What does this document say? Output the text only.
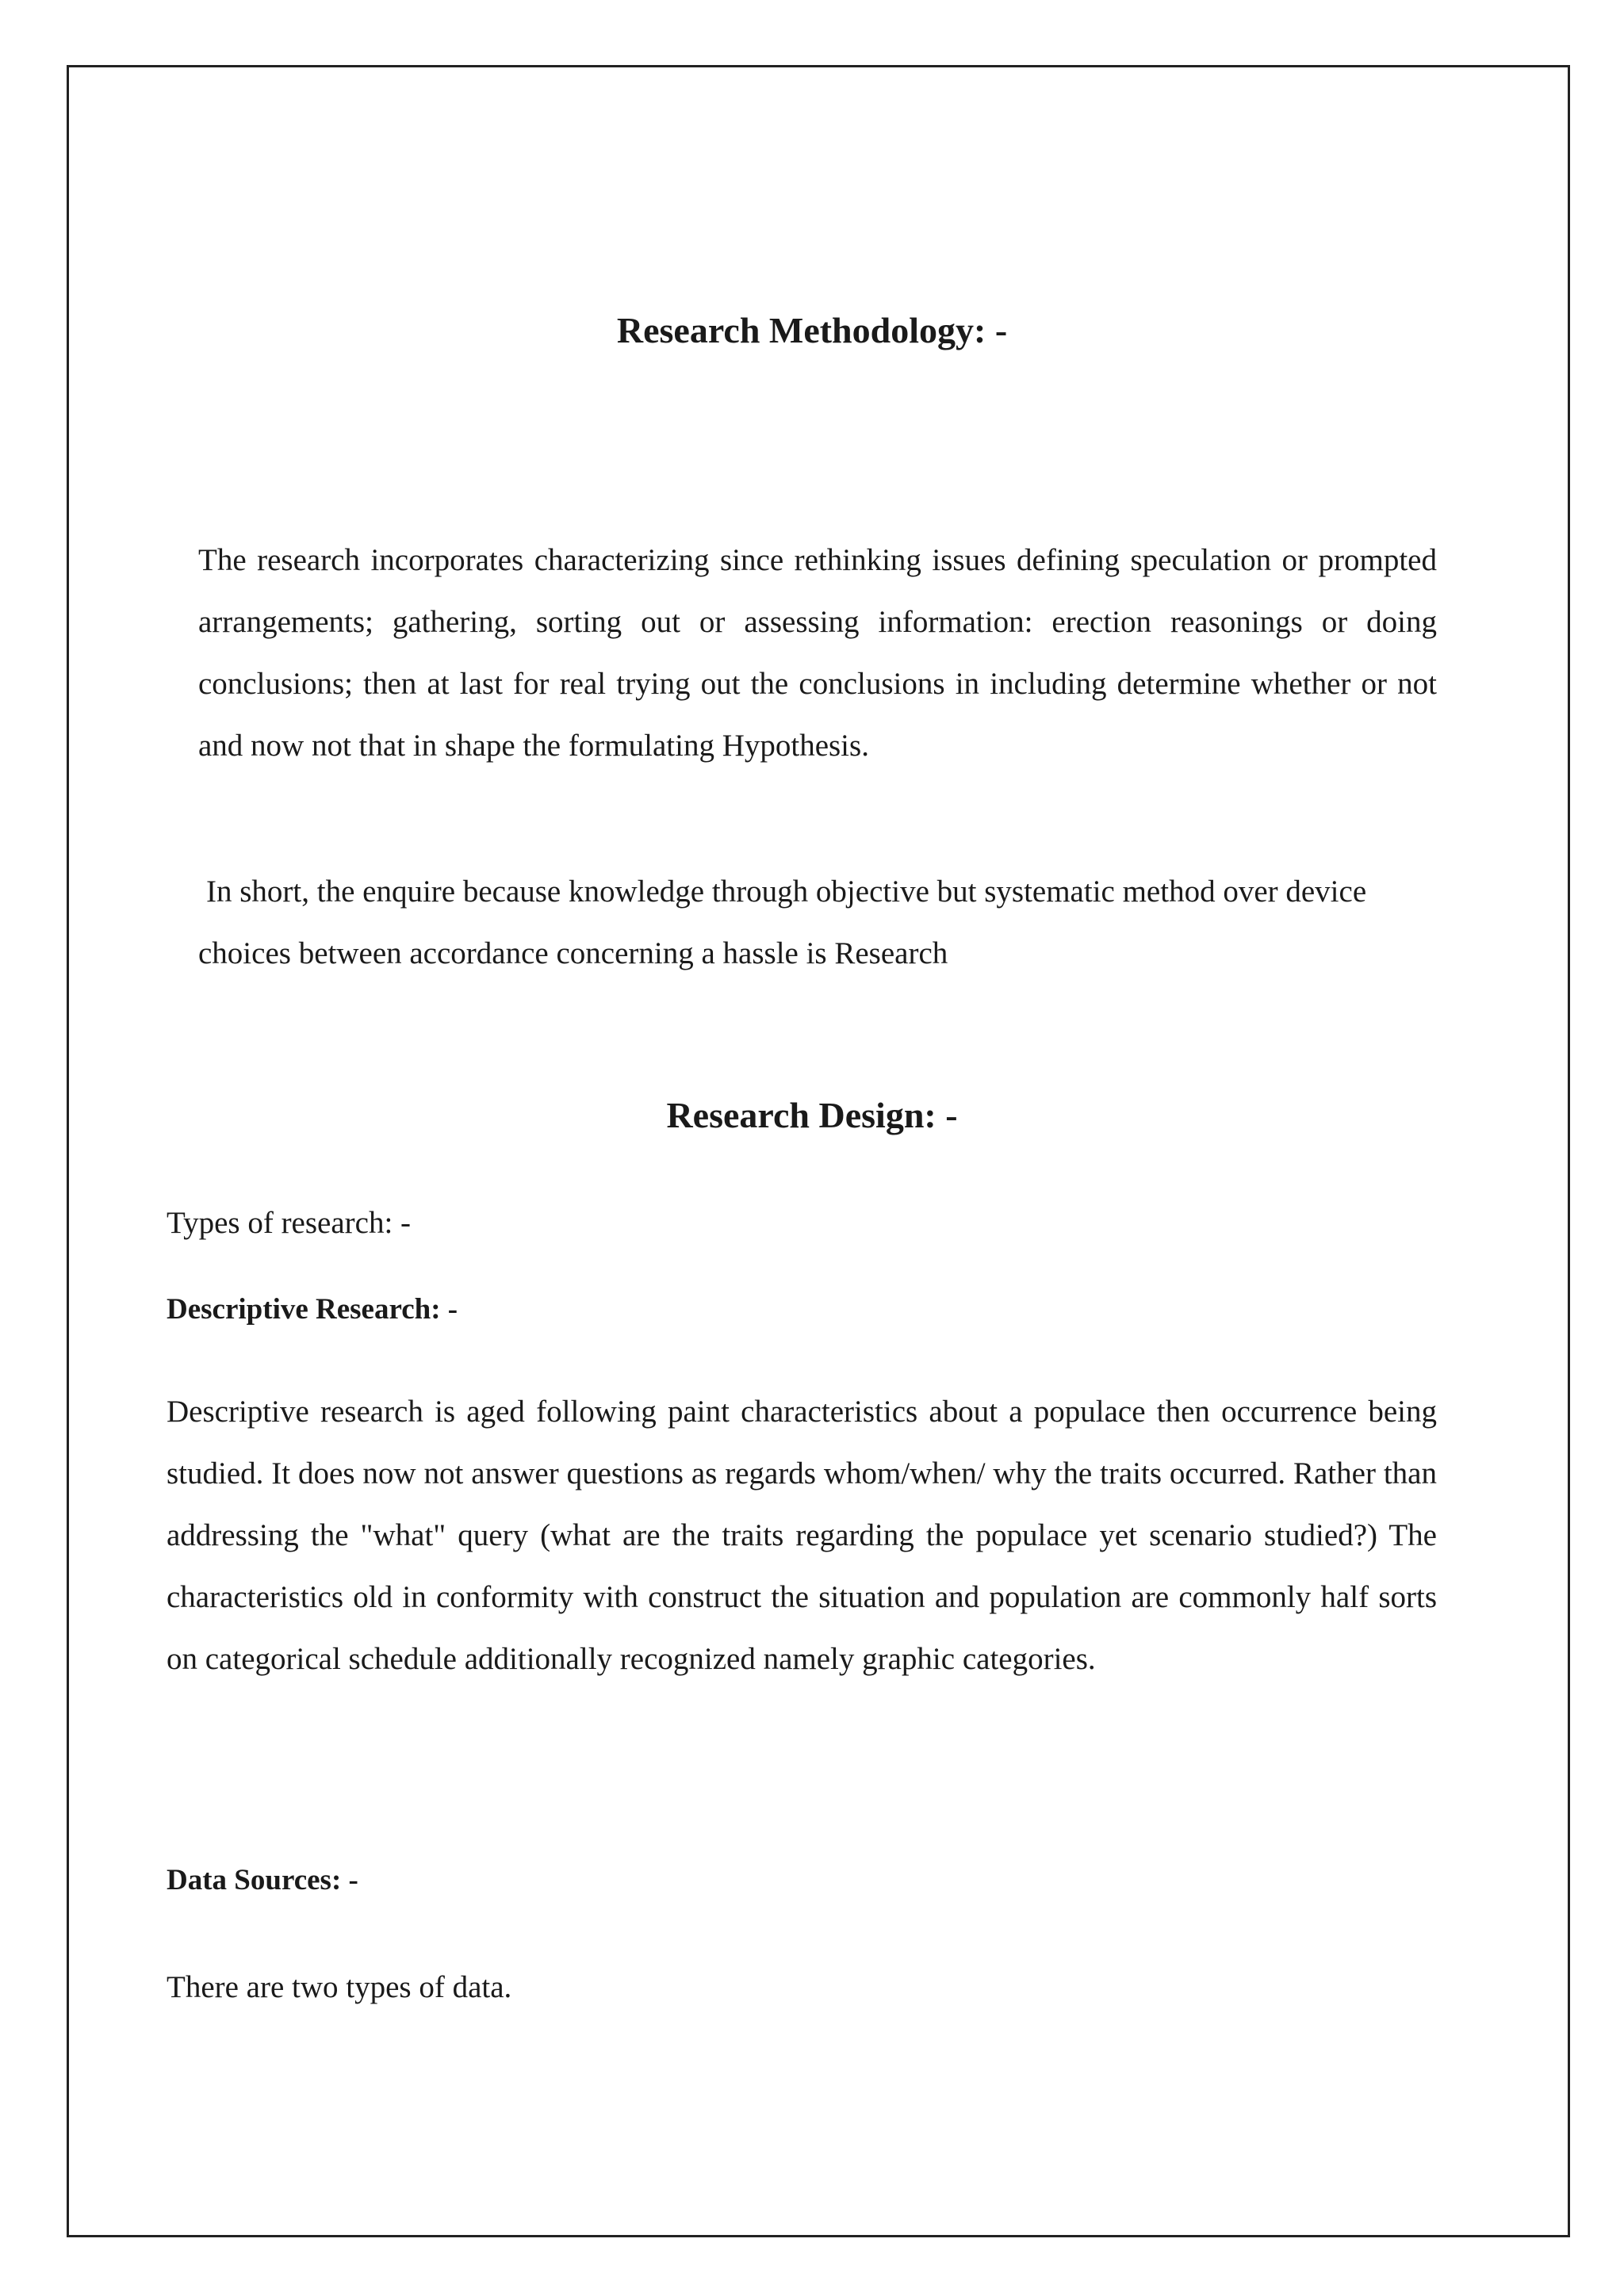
Research Methodology: -

The research incorporates characterizing since rethinking issues defining speculation or prompted arrangements; gathering, sorting out or assessing information: erection reasonings or doing conclusions; then at last for real trying out the conclusions in including determine whether or not and now not that in shape the formulating Hypothesis.

In short, the enquire because knowledge through objective but systematic method over device choices between accordance concerning a hassle is Research

Research Design: -

Types of research: -

Descriptive Research: -

Descriptive research is aged following paint characteristics about a populace then occurrence being studied. It does now not answer questions as regards whom/when/ why the traits occurred. Rather than addressing the "what" query (what are the traits regarding the populace yet scenario studied?) The characteristics old in conformity with construct the situation and population are commonly half sorts on categorical schedule additionally recognized namely graphic categories.

Data Sources: -

There are two types of data.
